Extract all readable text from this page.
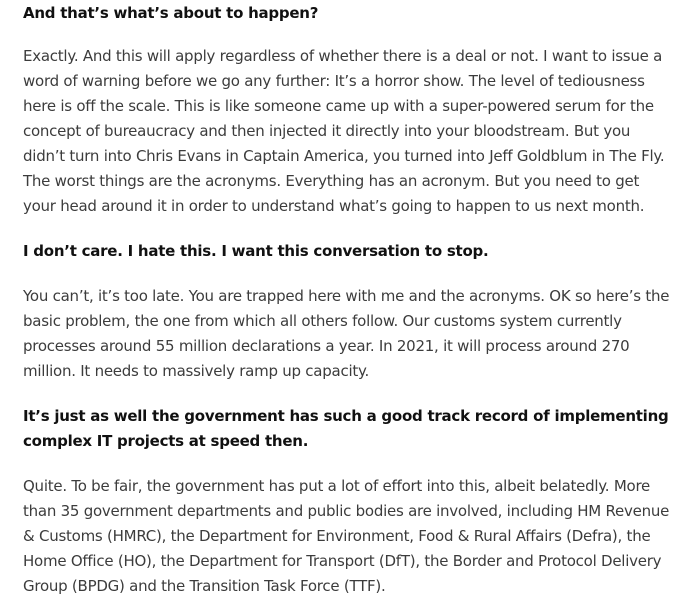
And that’s what’s about to happen?

Exactly. And this will apply regardless of whether there is a deal or not. I want to issue a word of warning before we go any further: It’s a horror show. The level of tediousness here is off the scale. This is like someone came up with a super-powered serum for the concept of bureaucracy and then injected it directly into your bloodstream. But you didn’t turn into Chris Evans in Captain America, you turned into Jeff Goldblum in The Fly. The worst things are the acronyms. Everything has an acronym. But you need to get your head around it in order to understand what’s going to happen to us next month.

I don’t care. I hate this. I want this conversation to stop.

You can’t, it’s too late. You are trapped here with me and the acronyms. OK so here’s the basic problem, the one from which all others follow. Our customs system currently processes around 55 million declarations a year. In 2021, it will process around 270 million. It needs to massively ramp up capacity.

It’s just as well the government has such a good track record of implementing complex IT projects at speed then.

Quite. To be fair, the government has put a lot of effort into this, albeit belatedly. More than 35 government departments and public bodies are involved, including HM Revenue & Customs (HMRC), the Department for Environment, Food & Rural Affairs (Defra), the Home Office (HO), the Department for Transport (DfT), the Border and Protocol Delivery Group (BPDG) and the Transition Task Force (TTF).
